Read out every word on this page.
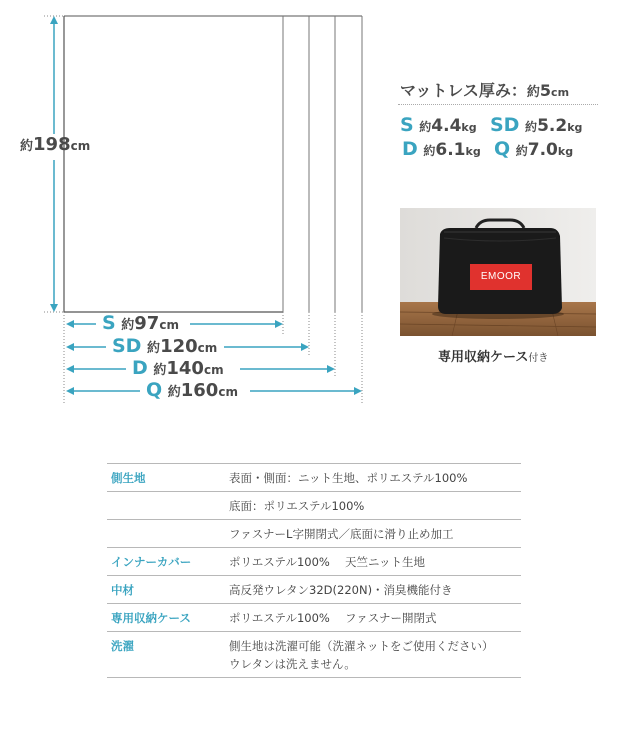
約198cm
S 約97cm
SD 約120cm
D 約140cm
Q 約160cm
マットレス厚み：約5cm
S 約4.4kg SD 約5.2kg
D 約6.1kg Q 約7.0kg
EMOOR
専用収納ケース付き
側生地	表面・側面：ニット生地、ポリエステル100%
	底面：ポリエステル100%
	ファスナーL字開閉式／底面に滑り止め加工
インナーカバー	ポリエステル100%　 天竺ニット生地
中材	高反発ウレタン32D(220N)・消臭機能付き
専用収納ケース	ポリエステル100%　 ファスナー開閉式
洗濯	側生地は洗濯可能（洗濯ネットをご使用ください）
ウレタンは洗えません。
